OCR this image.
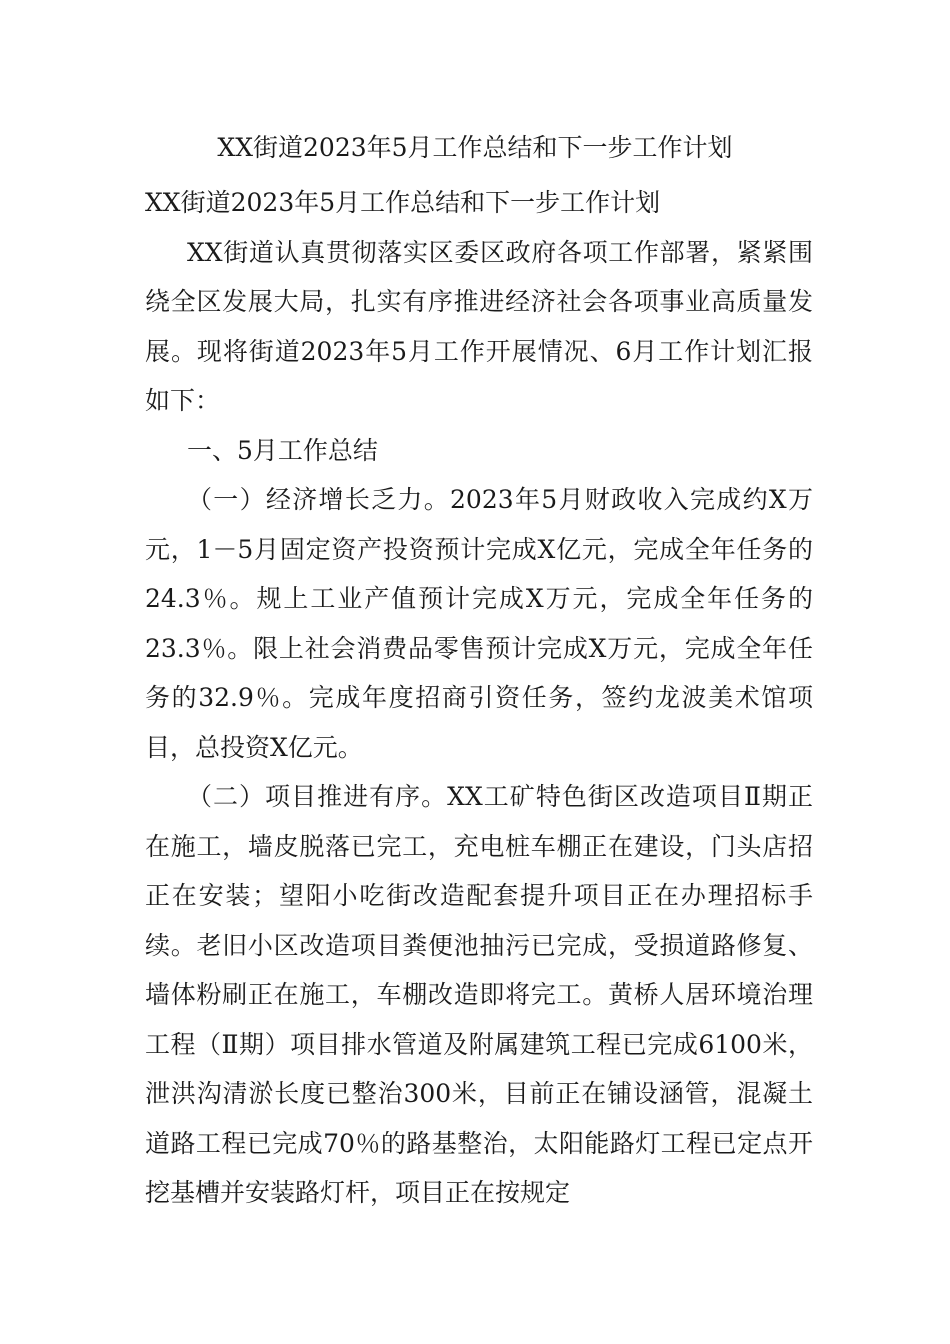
XX街道2023年5月工作总结和下一步工作计划

XX街道2023年5月工作总结和下一步工作计划

XX街道认真贯彻落实区委区政府各项工作部署，紧紧围绕全区发展大局，扎实有序推进经济社会各项事业高质量发展。现将街道2023年5月工作开展情况、6月工作计划汇报如下：

一、5月工作总结

（一）经济增长乏力。2023年5月财政收入完成约X万元，1－5月固定资产投资预计完成X亿元，完成全年任务的24.3％。规上工业产值预计完成X万元，完成全年任务的23.3％。限上社会消费品零售预计完成X万元，完成全年任务的32.9％。完成年度招商引资任务，签约龙波美术馆项目，总投资X亿元。

（二）项目推进有序。XX工矿特色街区改造项目Ⅱ期正在施工，墙皮脱落已完工，充电桩车棚正在建设，门头店招正在安装；望阳小吃街改造配套提升项目正在办理招标手续。老旧小区改造项目粪便池抽污已完成，受损道路修复、墙体粉刷正在施工，车棚改造即将完工。黄桥人居环境治理工程（Ⅱ期）项目排水管道及附属建筑工程已完成6100米，泄洪沟清淤长度已整治300米，目前正在铺设涵管，混凝土道路工程已完成70％的路基整治，太阳能路灯工程已定点开挖基槽并安装路灯杆，项目正在按规定
